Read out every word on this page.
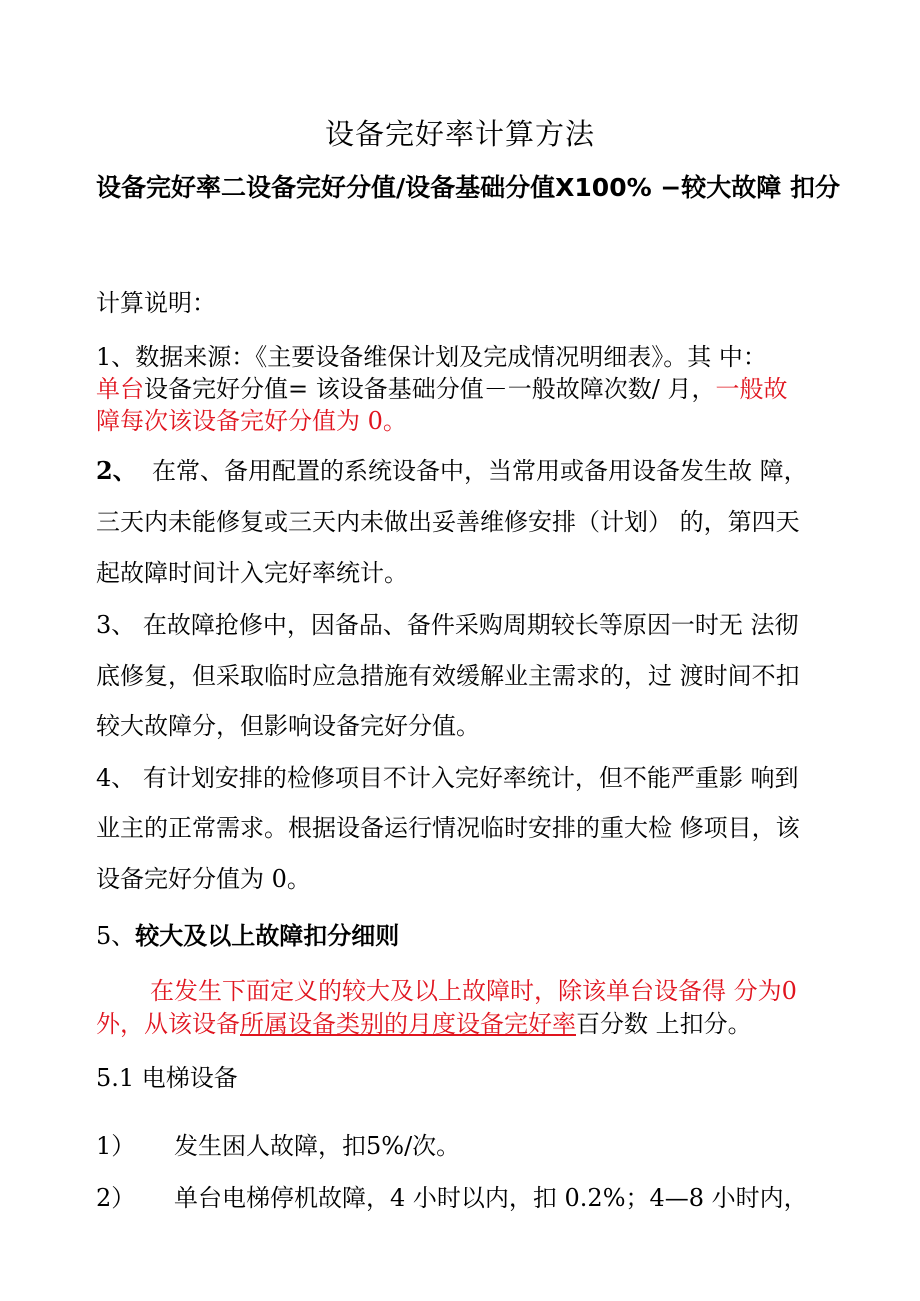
设备完好率计算方法
设备完好率二设备完好分值/设备基础分值X100% −较大故障 扣分
计算说明：
1、数据来源：《主要设备维保计划及完成情况明细表》。其 中：
单台设备完好分值= 该设备基础分值－一般故障次数/ 月，一般故
障每次该设备完好分值为 0。
2、 在常、备用配置的系统设备中，当常用或备用设备发生故 障，
三天内未能修复或三天内未做出妥善维修安排（计划） 的，第四天
起故障时间计入完好率统计。
3、 在故障抢修中，因备品、备件采购周期较长等原因一时无 法彻
底修复，但采取临时应急措施有效缓解业主需求的，过 渡时间不扣
较大故障分，但影响设备完好分值。
4、 有计划安排的检修项目不计入完好率统计，但不能严重影 响到
业主的正常需求。根据设备运行情况临时安排的重大检 修项目，该
设备完好分值为 0。
5、较大及以上故障扣分细则
在发生下面定义的较大及以上故障时，除该单台设备得 分为0
外，从该设备所属设备类别的月度设备完好率百分数 上扣分。
5.1 电梯设备
1） 发生困人故障，扣5%/次。
2） 单台电梯停机故障，4 小时以内，扣 0.2%；4—8 小时内，
